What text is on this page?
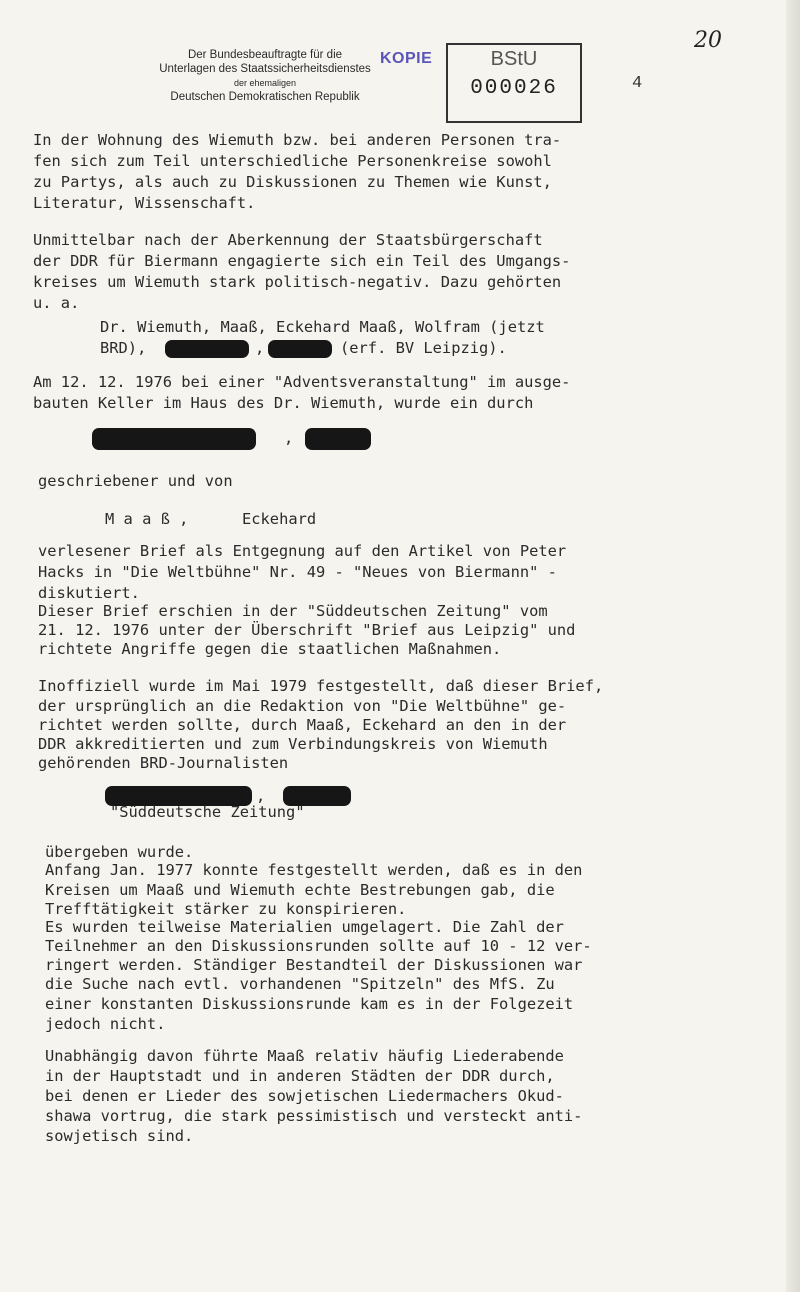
20
Der Bundesbeauftragte für die
Unterlagen des Staatssicherheitsdienstes
der ehemaligen
Deutschen Demokratischen Republik
KOPIE	BStU
000026	4

In der Wohnung des Wiemuth bzw. bei anderen Personen tra-

fen sich zum Teil unterschiedliche Personenkreise sowohl

zu Partys, als auch zu Diskussionen zu Themen wie Kunst,

Literatur, Wissenschaft.

Unmittelbar nach der Aberkennung der Staatsbürgerschaft

der DDR für Biermann engagierte sich ein Teil des Umgangs-

kreises um Wiemuth stark politisch-negativ. Dazu gehörten

u. a.

Dr. Wiemuth, Maaß, Eckehard Maaß, Wolfram (jetzt

BRD),	,	(erf. BV Leipzig).

Am 12. 12. 1976 bei einer "Adventsveranstaltung" im ausge-

bauten Keller im Haus des Dr. Wiemuth, wurde ein durch

,

geschriebener und von

M a a ß ,	Eckehard

verlesener Brief als Entgegnung auf den Artikel von Peter

Hacks in "Die Weltbühne" Nr. 49 - "Neues von Biermann" -

diskutiert.

Dieser Brief erschien in der "Süddeutschen Zeitung" vom

21. 12. 1976 unter der Überschrift "Brief aus Leipzig" und

richtete Angriffe gegen die staatlichen Maßnahmen.

Inoffiziell wurde im Mai 1979 festgestellt, daß dieser Brief,

der ursprünglich an die Redaktion von "Die Weltbühne" ge-

richtet werden sollte, durch Maaß, Eckehard an den in der

DDR akkreditierten und zum Verbindungskreis von Wiemuth

gehörenden BRD-Journalisten

,

"Süddeutsche Zeitung"

übergeben wurde.

Anfang Jan. 1977 konnte festgestellt werden, daß es in den

Kreisen um Maaß und Wiemuth echte Bestrebungen gab, die

Trefftätigkeit stärker zu konspirieren.

Es wurden teilweise Materialien umgelagert. Die Zahl der

Teilnehmer an den Diskussionsrunden sollte auf 10 - 12 ver-

ringert werden. Ständiger Bestandteil der Diskussionen war

die Suche nach evtl. vorhandenen "Spitzeln" des MfS. Zu

einer konstanten Diskussionsrunde kam es in der Folgezeit

jedoch nicht.

Unabhängig davon führte Maaß relativ häufig Liederabende

in der Hauptstadt und in anderen Städten der DDR durch,

bei denen er Lieder des sowjetischen Liedermachers Okud-

shawa vortrug, die stark pessimistisch und versteckt anti-

sowjetisch sind.
